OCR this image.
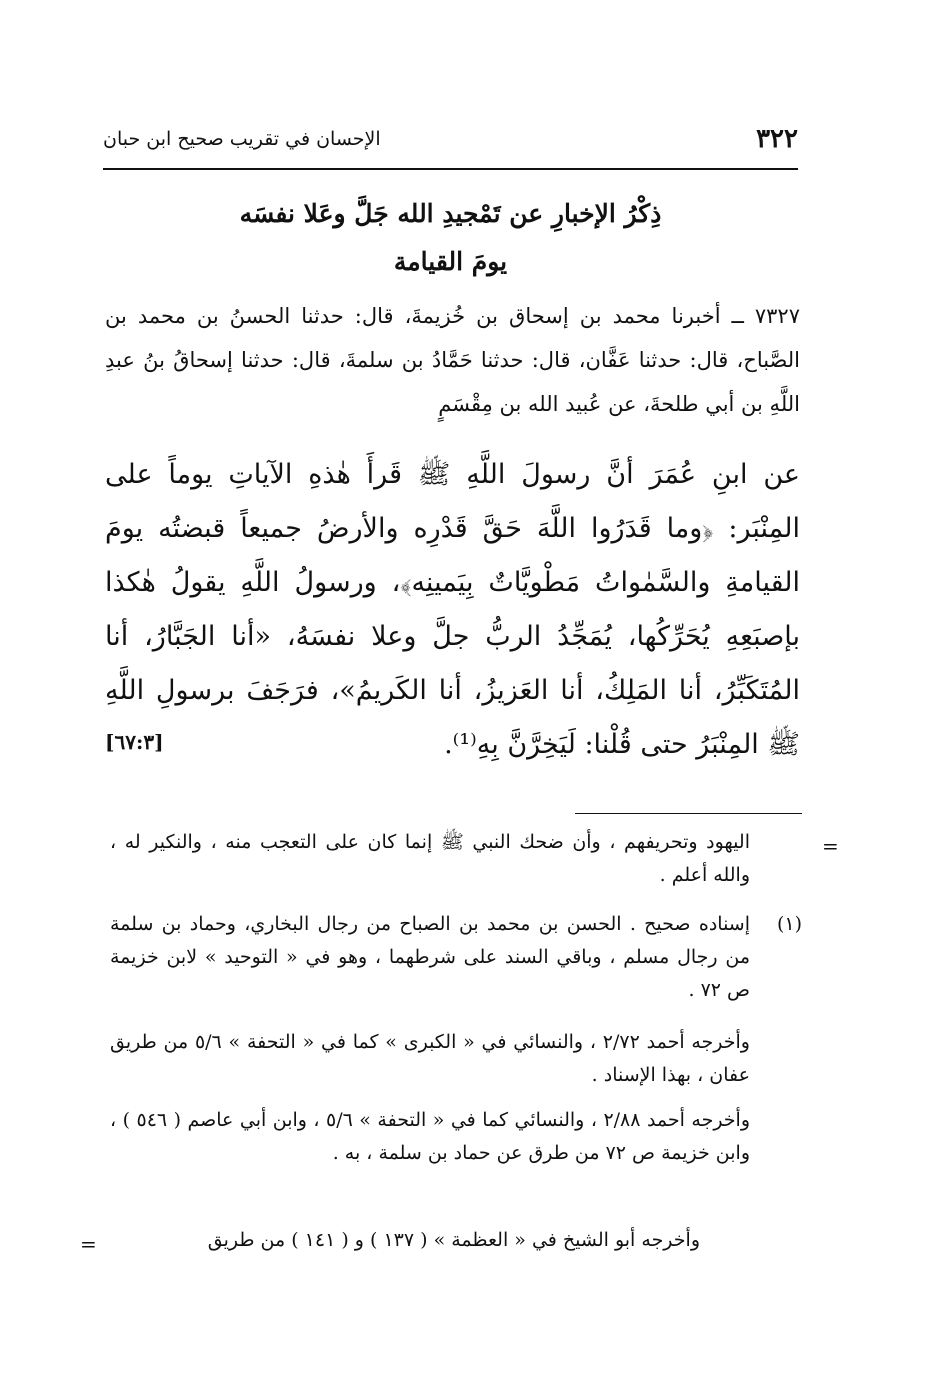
٣٢٢
الإحسان في تقريب صحيح ابن حبان
ذِكْرُ الإخبارِ عن تَمْجيدِ الله جَلَّ وعَلا نفسَه
يومَ القيامة
٧٣٢٧ ــ أخبرنا محمد بن إسحاق بن خُزيمةَ، قال: حدثنا الحسنُ بن محمد بن الصَّباح، قال: حدثنا عَفَّان، قال: حدثنا حَمَّادُ بن سلمةَ، قال: حدثنا إسحاقُ بنُ عبدِ اللَّهِ بن أبي طلحةَ، عن عُبيد الله بن مِقْسَمٍ
عن ابنِ عُمَرَ أنَّ رسولَ اللَّهِ ﷺ قَرأَ هٰذهِ الآياتِ يوماً على المِنْبَر: ﴿وما قَدَرُوا اللَّهَ حَقَّ قَدْرِه والأرضُ جميعاً قبضتُه يومَ القيامةِ والسَّمٰواتُ مَطْويَّاتٌ بِيَمينِه﴾، ورسولُ اللَّهِ يقولُ هٰكذا بإصبَعِهِ يُحَرِّكُها، يُمَجِّدُ الربُّ جلَّ وعلا نفسَهُ، «أنا الجَبَّارُ، أنا المُتَكَبِّرُ، أنا المَلِكُ، أنا العَزيزُ، أنا الكَريمُ»، فرَجَفَ برسولِ اللَّهِ ﷺ المِنْبَرُ حتى قُلْنا: لَيَخِرَّنَّ بِهِ⁽¹⁾.
[٦٧:٣]
=
اليهود وتحريفهم ، وأن ضحك النبي ﷺ إنما كان على التعجب منه ، والنكير له ، والله أعلم .
(١)
إسناده صحيح . الحسن بن محمد بن الصباح من رجال البخاري، وحماد بن سلمة من رجال مسلم ، وباقي السند على شرطهما ، وهو في « التوحيد » لابن خزيمة ص ٧٢ .
وأخرجه أحمد ٢/٧٢ ، والنسائي في « الكبرى » كما في « التحفة » ٥/٦ من طريق عفان ، بهذا الإسناد .
وأخرجه أحمد ٢/٨٨ ، والنسائي كما في « التحفة » ٥/٦ ، وابن أبي عاصم ( ٥٤٦ ) ، وابن خزيمة ص ٧٢ من طرق عن حماد بن سلمة ، به .
وأخرجه أبو الشيخ في « العظمة » ( ١٣٧ ) و ( ١٤١ ) من طريق
=
